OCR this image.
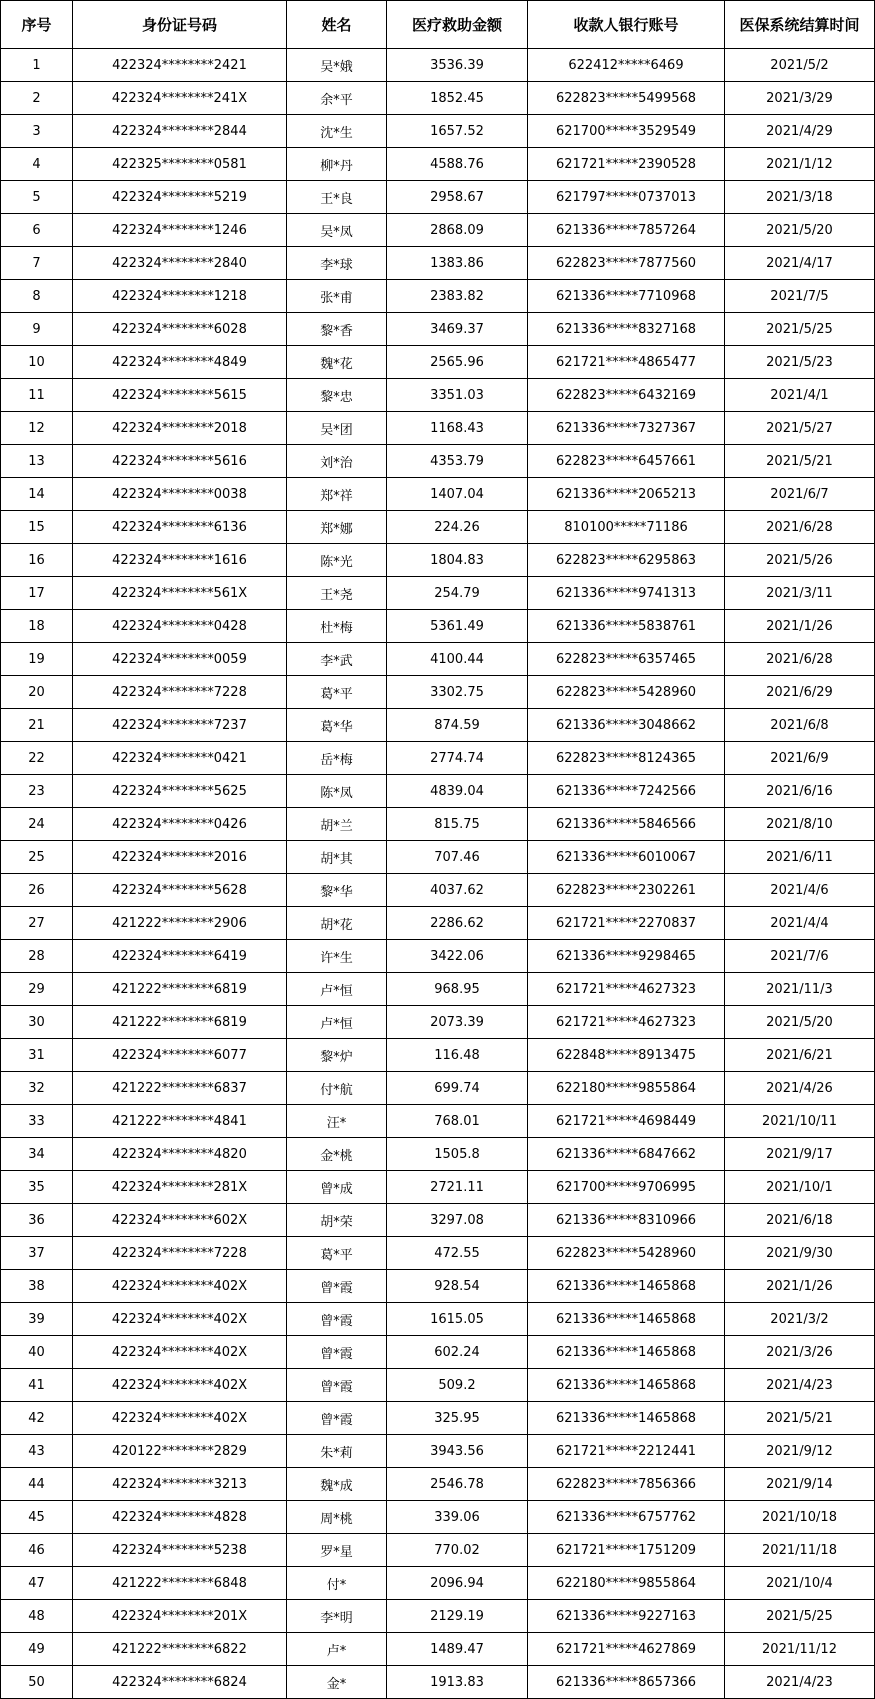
序号	身份证号码	姓名	医疗救助金额	收款人银行账号	医保系统结算时间
1	422324********2421	吴*娥	3536.39	622412*****6469	2021/5/2
2	422324********241X	余*平	1852.45	622823*****5499568	2021/3/29
3	422324********2844	沈*生	1657.52	621700*****3529549	2021/4/29
4	422325********0581	柳*丹	4588.76	621721*****2390528	2021/1/12
5	422324********5219	王*良	2958.67	621797*****0737013	2021/3/18
6	422324********1246	吴*凤	2868.09	621336*****7857264	2021/5/20
7	422324********2840	李*球	1383.86	622823*****7877560	2021/4/17
8	422324********1218	张*甫	2383.82	621336*****7710968	2021/7/5
9	422324********6028	黎*香	3469.37	621336*****8327168	2021/5/25
10	422324********4849	魏*花	2565.96	621721*****4865477	2021/5/23
11	422324********5615	黎*忠	3351.03	622823*****6432169	2021/4/1
12	422324********2018	吴*团	1168.43	621336*****7327367	2021/5/27
13	422324********5616	刘*治	4353.79	622823*****6457661	2021/5/21
14	422324********0038	郑*祥	1407.04	621336*****2065213	2021/6/7
15	422324********6136	郑*娜	224.26	810100*****71186	2021/6/28
16	422324********1616	陈*光	1804.83	622823*****6295863	2021/5/26
17	422324********561X	王*尧	254.79	621336*****9741313	2021/3/11
18	422324********0428	杜*梅	5361.49	621336*****5838761	2021/1/26
19	422324********0059	李*武	4100.44	622823*****6357465	2021/6/28
20	422324********7228	葛*平	3302.75	622823*****5428960	2021/6/29
21	422324********7237	葛*华	874.59	621336*****3048662	2021/6/8
22	422324********0421	岳*梅	2774.74	622823*****8124365	2021/6/9
23	422324********5625	陈*凤	4839.04	621336*****7242566	2021/6/16
24	422324********0426	胡*兰	815.75	621336*****5846566	2021/8/10
25	422324********2016	胡*其	707.46	621336*****6010067	2021/6/11
26	422324********5628	黎*华	4037.62	622823*****2302261	2021/4/6
27	421222********2906	胡*花	2286.62	621721*****2270837	2021/4/4
28	422324********6419	许*生	3422.06	621336*****9298465	2021/7/6
29	421222********6819	卢*恒	968.95	621721*****4627323	2021/11/3
30	421222********6819	卢*恒	2073.39	621721*****4627323	2021/5/20
31	422324********6077	黎*炉	116.48	622848*****8913475	2021/6/21
32	421222********6837	付*航	699.74	622180*****9855864	2021/4/26
33	421222********4841	汪*	768.01	621721*****4698449	2021/10/11
34	422324********4820	金*桃	1505.8	621336*****6847662	2021/9/17
35	422324********281X	曾*成	2721.11	621700*****9706995	2021/10/1
36	422324********602X	胡*荣	3297.08	621336*****8310966	2021/6/18
37	422324********7228	葛*平	472.55	622823*****5428960	2021/9/30
38	422324********402X	曾*霞	928.54	621336*****1465868	2021/1/26
39	422324********402X	曾*霞	1615.05	621336*****1465868	2021/3/2
40	422324********402X	曾*霞	602.24	621336*****1465868	2021/3/26
41	422324********402X	曾*霞	509.2	621336*****1465868	2021/4/23
42	422324********402X	曾*霞	325.95	621336*****1465868	2021/5/21
43	420122********2829	朱*莉	3943.56	621721*****2212441	2021/9/12
44	422324********3213	魏*成	2546.78	622823*****7856366	2021/9/14
45	422324********4828	周*桃	339.06	621336*****6757762	2021/10/18
46	422324********5238	罗*星	770.02	621721*****1751209	2021/11/18
47	421222********6848	付*	2096.94	622180*****9855864	2021/10/4
48	422324********201X	李*明	2129.19	621336*****9227163	2021/5/25
49	421222********6822	卢*	1489.47	621721*****4627869	2021/11/12
50	422324********6824	金*	1913.83	621336*****8657366	2021/4/23
